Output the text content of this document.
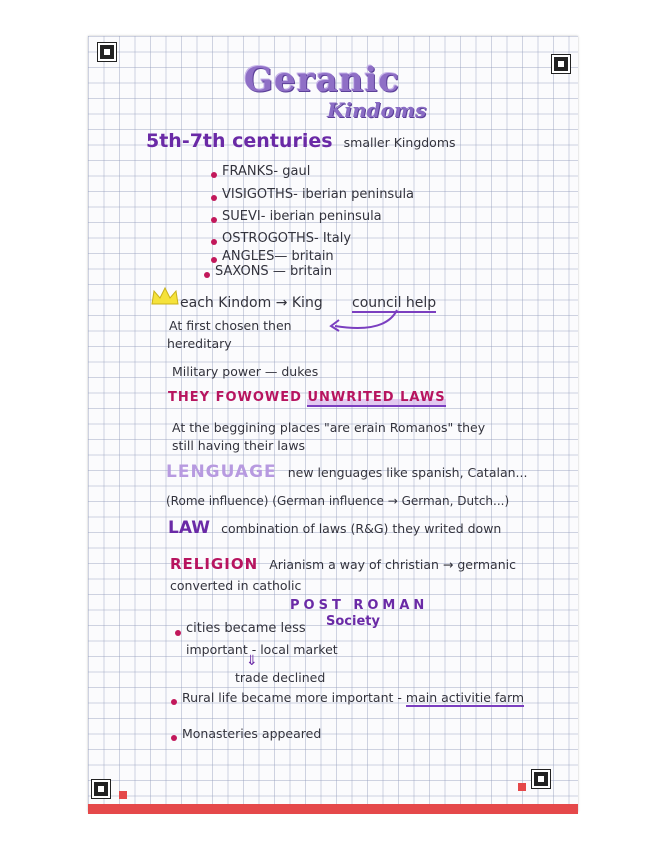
Geranic
Kindoms
5th-7th centuries smaller Kingdoms
FRANKS- gaul
VISIGOTHS- iberian peninsula
SUEVI- iberian peninsula
OSTROGOTHS- Italy
ANGLES— britain
SAXONS — britain
each Kindom → King council help
At first chosen then
hereditary
Military power — dukes
THEY FOWOWED UNWRITED LAWS
At the beggining places "are erain Romanos" they
still having their laws
LENGUAGE new lenguages like spanish, Catalan...
(Rome influence) (German influence → German, Dutch...)
LAW combination of laws (R&G) they writed down
RELIGION Arianism a way of christian → germanic
converted in catholic
POST ROMAN
Society
cities became less
important - local market
⇓
trade declined
Rural life became more important - main activitie farm
Monasteries appeared
